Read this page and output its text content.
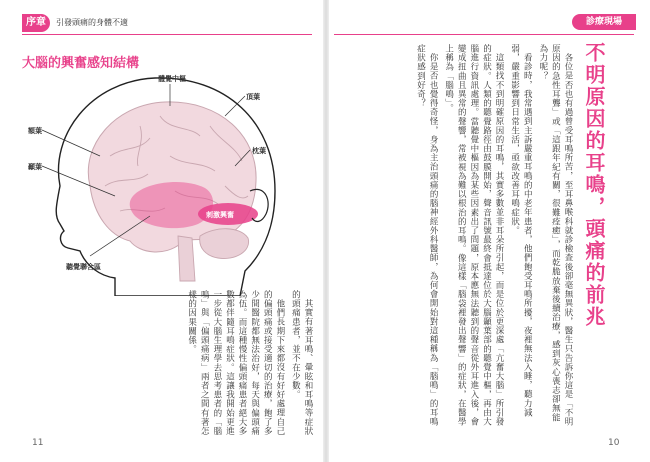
序章	引發頭痛的身體不適
大腦的興奮感知結構
體覺中樞
頂葉
額葉
顳葉
枕葉
聽覺聯合區
刺激興奮

其實有著耳鳴、暈眩和耳鳴等症狀的頭痛患者，並不在少數。

他們長期下來都沒有好好處理自己的偏頭痛或接受適切的治療，飽了多少間醫院都無法治好，每天與偏頭痛為伍。而這種慢性偏頭痛患者絕大多數都伴隨耳鳴症狀。這讓我開始更進一步從大腦生理學去思考患者的「腦鳴」與「偏頭痛病」兩者之間有著怎樣的因果關係。

11
診療現場
不明原因的耳鳴，頭痛的前兆

各位是否也有過曾受耳鳴所苦，至耳鼻喉科就診檢查後卻毫無異狀，醫生只告訴你這是「不明原因的急性耳聾」或「這跟年紀有關，很難痊癒」，而乾脆放棄後續治療，感到灰心喪志卻無能為力呢？

看診時，我常遇到主訴嚴重耳鳴的中老年患者，他們飽受耳鳴所擾，夜裡無法入睡，聽力減弱，嚴重影響到日常生活，亟欲改善耳鳴症狀。

這類找不到明確原因的耳鳴，其實多數並非耳朵所引起，而是位於更深處「亢奮大腦」所引發的症狀。人類的聽覺路徑由鼓膜開始，聲音訊號最終會抵達位於大腦顳葉部的聽覺中樞，再由大腦進行資訊處理。當聽覺中樞因為某些因素出了問題，原本應無法聽到的聲音從外耳進入後，會變成扭曲且異常的聲響，常被視為難以根治的耳鳴。像這樣「腦袋裡發出聲響」的症狀，在醫學上稱為「腦鳴」。

你是否也覺得奇怪，身為主治頭痛的腦神經外科醫師，為何會開始對這種稱為「腦鳴」的耳鳴症狀感到好奇？

10
